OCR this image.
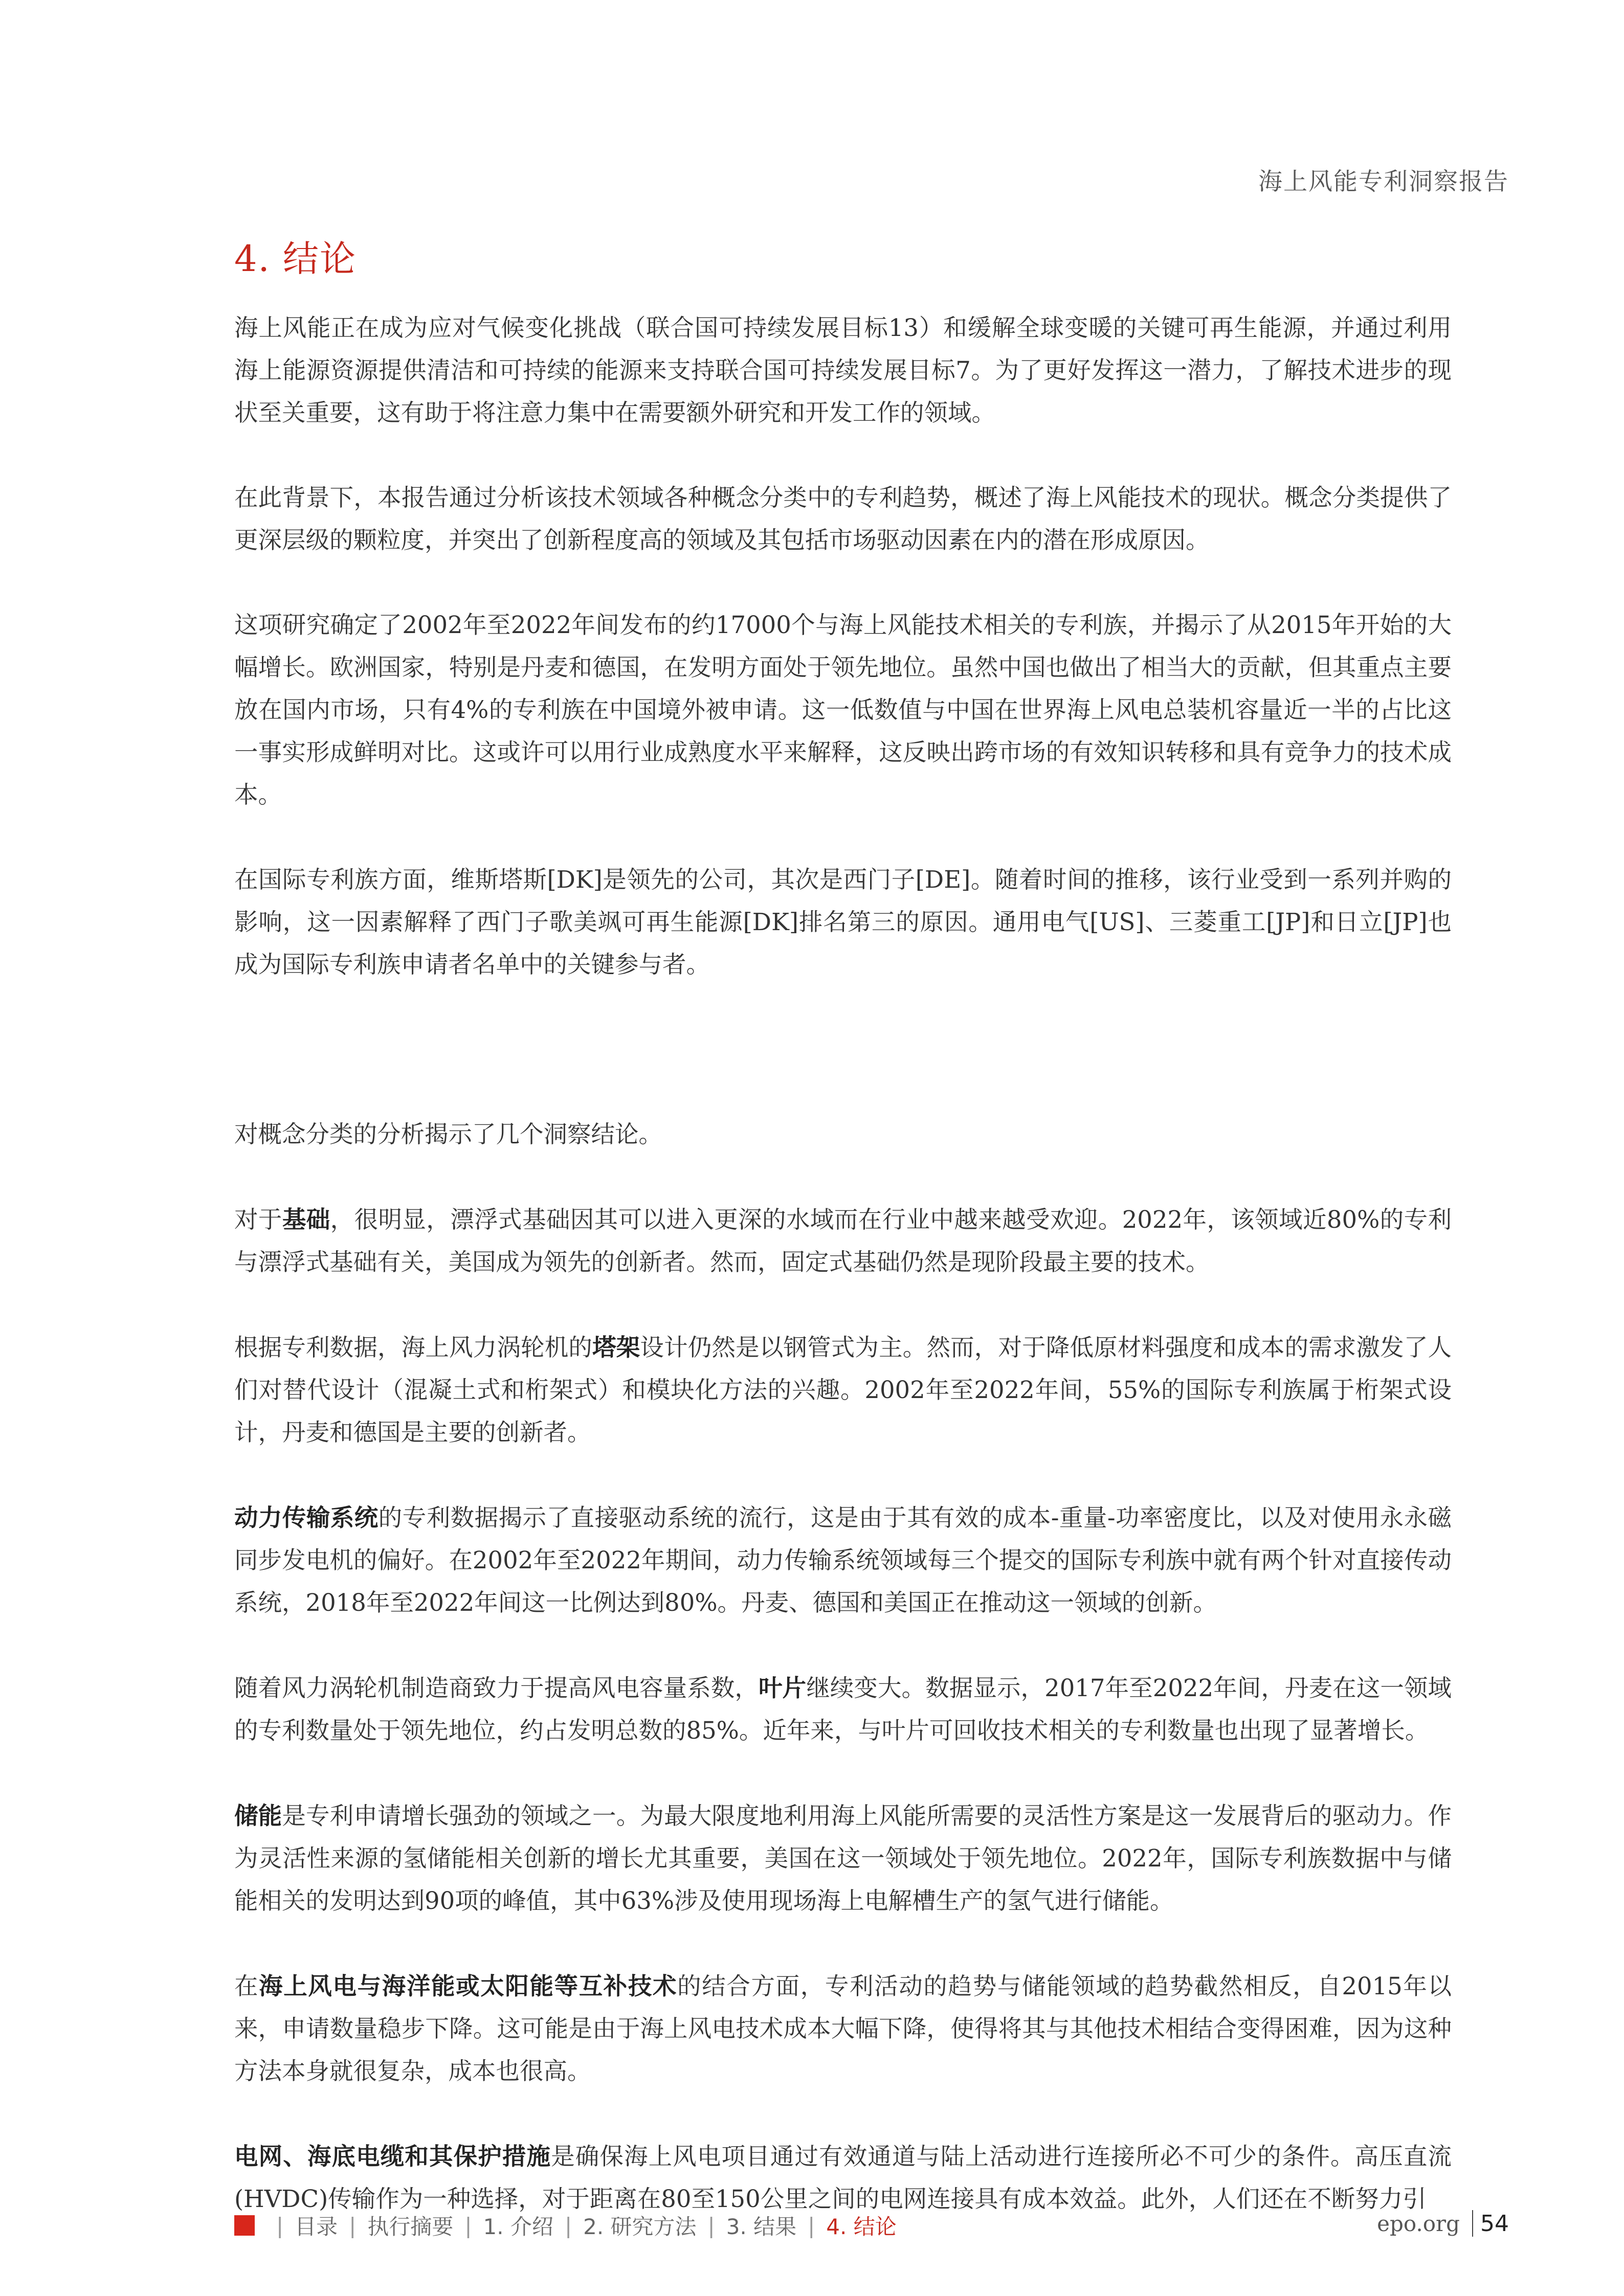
海上风能专利洞察报告
4. 结论

海上风能正在成为应对气候变化挑战（联合国可持续发展目标13）和缓解全球变暖的关键可再生能源，并通过利用海上能源资源提供清洁和可持续的能源来支持联合国可持续发展目标7。为了更好发挥这一潜力，了解技术进步的现状至关重要，这有助于将注意力集中在需要额外研究和开发工作的领域。

在此背景下，本报告通过分析该技术领域各种概念分类中的专利趋势，概述了海上风能技术的现状。概念分类提供了更深层级的颗粒度，并突出了创新程度高的领域及其包括市场驱动因素在内的潜在形成原因。

这项研究确定了2002年至2022年间发布的约17000个与海上风能技术相关的专利族，并揭示了从2015年开始的大幅增长。欧洲国家，特别是丹麦和德国，在发明方面处于领先地位。虽然中国也做出了相当大的贡献，但其重点主要放在国内市场，只有4%的专利族在中国境外被申请。这一低数值与中国在世界海上风电总装机容量近一半的占比这一事实形成鲜明对比。这或许可以用行业成熟度水平来解释，这反映出跨市场的有效知识转移和具有竞争力的技术成本。

在国际专利族方面，维斯塔斯[DK]是领先的公司，其次是西门子[DE]。随着时间的推移，该行业受到一系列并购的影响，这一因素解释了西门子歌美飒可再生能源[DK]排名第三的原因。通用电气[US]、三菱重工[JP]和日立[JP]也成为国际专利族申请者名单中的关键参与者。

对概念分类的分析揭示了几个洞察结论。

对于基础，很明显，漂浮式基础因其可以进入更深的水域而在行业中越来越受欢迎。2022年，该领域近80%的专利与漂浮式基础有关，美国成为领先的创新者。然而，固定式基础仍然是现阶段最主要的技术。

根据专利数据，海上风力涡轮机的塔架设计仍然是以钢管式为主。然而，对于降低原材料强度和成本的需求激发了人们对替代设计（混凝土式和桁架式）和模块化方法的兴趣。2002年至2022年间，55%的国际专利族属于桁架式设计，丹麦和德国是主要的创新者。

动力传输系统的专利数据揭示了直接驱动系统的流行，这是由于其有效的成本-重量-功率密度比，以及对使用永永磁同步发电机的偏好。在2002年至2022年期间，动力传输系统领域每三个提交的国际专利族中就有两个针对直接传动系统，2018年至2022年间这一比例达到80%。丹麦、德国和美国正在推动这一领域的创新。

随着风力涡轮机制造商致力于提高风电容量系数，叶片继续变大。数据显示，2017年至2022年间，丹麦在这一领域的专利数量处于领先地位，约占发明总数的85%。近年来，与叶片可回收技术相关的专利数量也出现了显著增长。

储能是专利申请增长强劲的领域之一。为最大限度地利用海上风能所需要的灵活性方案是这一发展背后的驱动力。作为灵活性来源的氢储能相关创新的增长尤其重要，美国在这一领域处于领先地位。2022年，国际专利族数据中与储能相关的发明达到90项的峰值，其中63%涉及使用现场海上电解槽生产的氢气进行储能。

在海上风电与海洋能或太阳能等互补技术的结合方面，专利活动的趋势与储能领域的趋势截然相反，自2015年以来，申请数量稳步下降。这可能是由于海上风电技术成本大幅下降，使得将其与其他技术相结合变得困难，因为这种方法本身就很复杂，成本也很高。

电网、海底电缆和其保护措施是确保海上风电项目通过有效通道与陆上活动进行连接所必不可少的条件。高压直流(HVDC)传输作为一种选择，对于距离在80至150公里之间的电网连接具有成本效益。此外，人们还在不断努力引

| 目录 | 执行摘要 | 1. 介绍 | 2. 研究方法 | 3. 结果 | 4. 结论	epo.org 54
